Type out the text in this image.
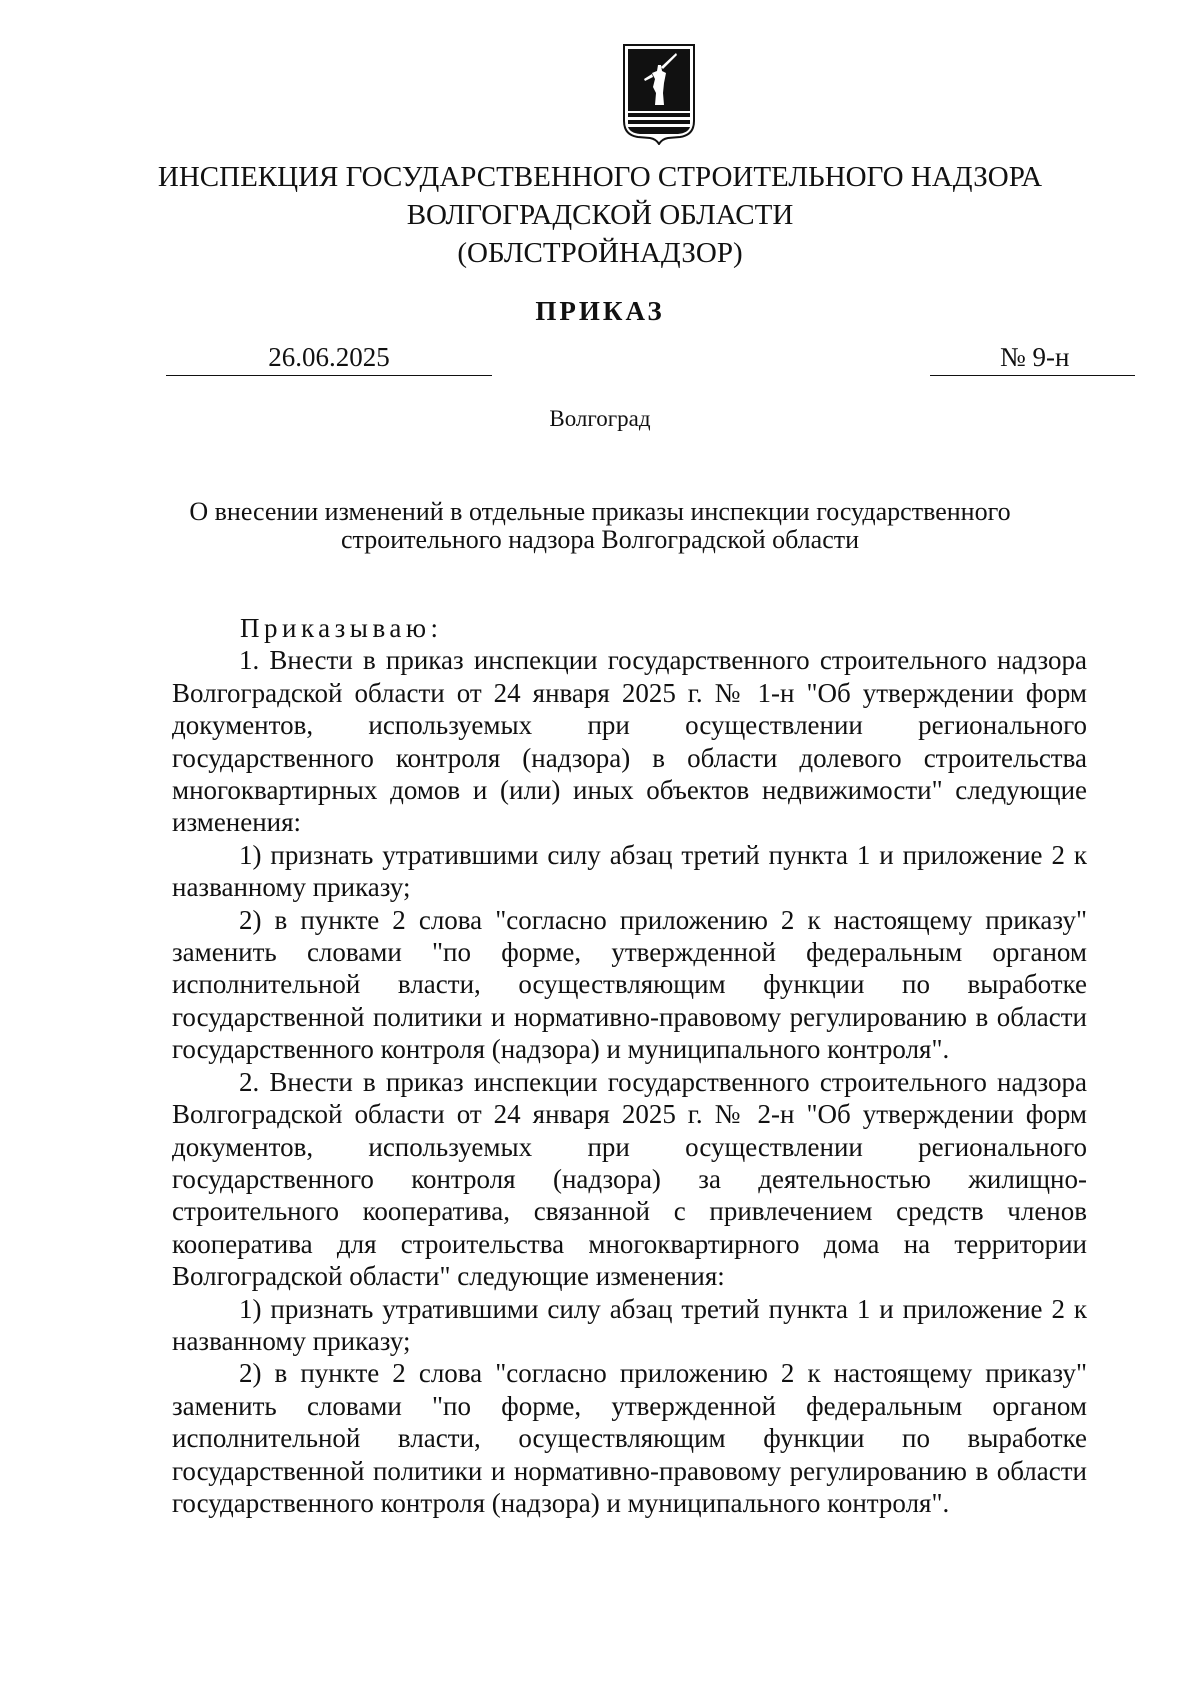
ИНСПЕКЦИЯ ГОСУДАРСТВЕННОГО СТРОИТЕЛЬНОГО НАДЗОРА
ВОЛГОГРАДСКОЙ ОБЛАСТИ
(ОБЛСТРОЙНАДЗОР)
ПРИКАЗ
26.06.2025	№ 9-н
Волгоград
О внесении изменений в отдельные приказы инспекции государственного
строительного надзора Волгоградской области

Приказываю:

1. Внести в приказ инспекции государственного строительного надзора Волгоградской области от 24 января 2025 г. № 1-н "Об утверждении форм документов, используемых при осуществлении регионального государственного контроля (надзора) в области долевого строительства многоквартирных домов и (или) иных объектов недвижимости" следующие изменения:

1) признать утратившими силу абзац третий пункта 1 и приложение 2 к названному приказу;

2) в пункте 2 слова "согласно приложению 2 к настоящему приказу" заменить словами "по форме, утвержденной федеральным органом исполнительной власти, осуществляющим функции по выработке государственной политики и нормативно-правовому регулированию в области государственного контроля (надзора) и муниципального контроля".

2. Внести в приказ инспекции государственного строительного надзора Волгоградской области от 24 января 2025 г. № 2-н "Об утверждении форм документов, используемых при осуществлении регионального государственного контроля (надзора) за деятельностью жилищно-строительного кооператива, связанной с привлечением средств членов кооператива для строительства многоквартирного дома на территории Волгоградской области" следующие изменения:

1) признать утратившими силу абзац третий пункта 1 и приложение 2 к названному приказу;

2) в пункте 2 слова "согласно приложению 2 к настоящему приказу" заменить словами "по форме, утвержденной федеральным органом исполнительной власти, осуществляющим функции по выработке государственной политики и нормативно-правовому регулированию в области государственного контроля (надзора) и муниципального контроля".
